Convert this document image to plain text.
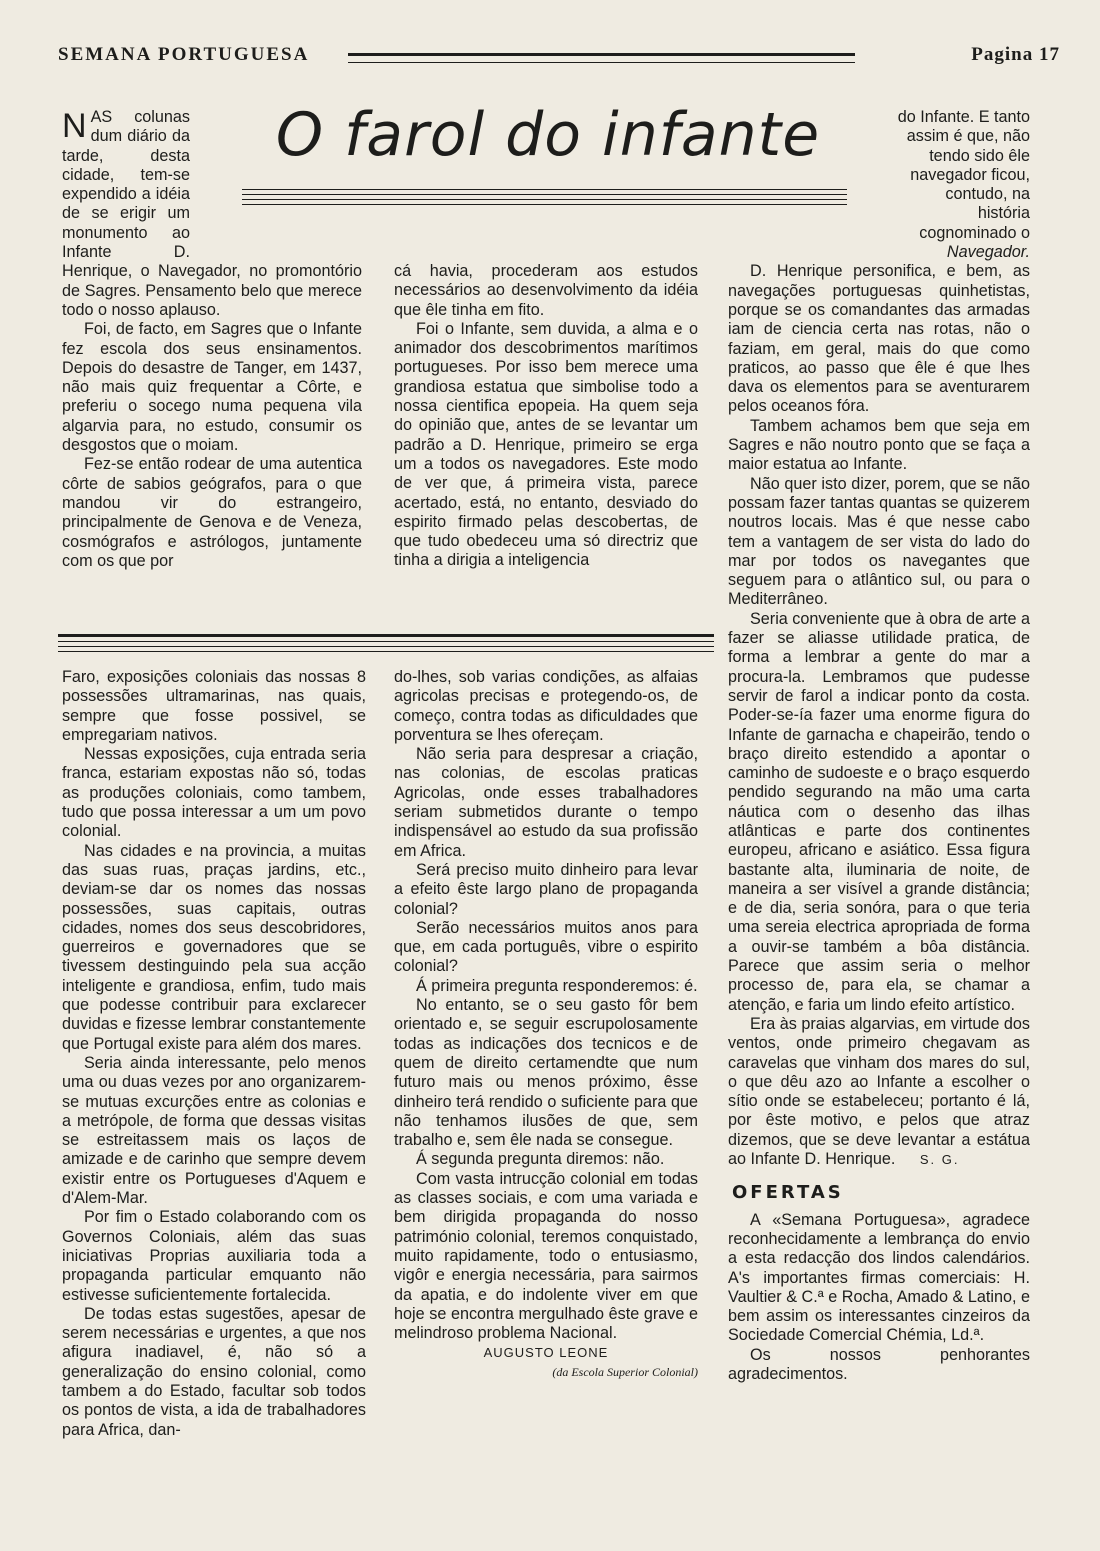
SEMANA PORTUGUESA	Pagina 17
O farol do infante

NAS colunas dum diário da tarde, desta cidade, tem-se expendido a idéia de se erigir um monumento ao Infante D. Henrique, o Navegador, no promontório de Sagres. Pensamento belo que merece todo o nosso aplauso.

Foi, de facto, em Sagres que o Infante fez escola dos seus ensinamentos. Depois do desastre de Tanger, em 1437, não mais quiz frequentar a Côrte, e preferiu o socego numa pequena vila algarvia para, no estudo, consumir os desgostos que o moiam.

Fez-se então rodear de uma autentica côrte de sabios geógrafos, para o que mandou vir do estrangeiro, principalmente de Genova e de Veneza, cosmógrafos e astrólogos, juntamente com os que por

cá havia, procederam aos estudos necessários ao desenvolvimento da idéia que êle tinha em fito.

Foi o Infante, sem duvida, a alma e o animador dos descobrimentos marítimos portugueses. Por isso bem merece uma grandiosa estatua que simbolise todo a nossa cientifica epopeia. Ha quem seja do opinião que, antes de se levantar um padrão a D. Henrique, primeiro se erga um a todos os navegadores. Este modo de ver que, á primeira vista, parece acertado, está, no entanto, desviado do espirito firmado pelas descobertas, de que tudo obedeceu uma só directriz que tinha a dirigia a inteligencia

do Infante. E tanto assim é que, não tendo sido êle navegador ficou, contudo, na história cognominado o Navegador.

D. Henrique personifica, e bem, as navegações portuguesas quinhetistas, porque se os comandantes das armadas iam de ciencia certa nas rotas, não o faziam, em geral, mais do que como praticos, ao passo que êle é que lhes dava os elementos para se aventurarem pelos oceanos fóra.

Tambem achamos bem que seja em Sagres e não noutro ponto que se faça a maior estatua ao Infante.

Não quer isto dizer, porem, que se não possam fazer tantas quantas se quizerem noutros locais. Mas é que nesse cabo tem a vantagem de ser vista do lado do mar por todos os navegantes que seguem para o atlântico sul, ou para o Mediterrâneo.

Seria conveniente que à obra de arte a fazer se aliasse utilidade pratica, de forma a lembrar a gente do mar a procura-la. Lembramos que pudesse servir de farol a indicar ponto da costa. Poder-se-ía fazer uma enorme figura do Infante de garnacha e chapeirão, tendo o braço direito estendido a apontar o caminho de sudoeste e o braço esquerdo pendido segurando na mão uma carta náutica com o desenho das ilhas atlânticas e parte dos continentes europeu, africano e asiático. Essa figura bastante alta, iluminaria de noite, de maneira a ser visível a grande distância; e de dia, seria sonóra, para o que teria uma sereia electrica apropriada de forma a ouvir-se também a bôa distância. Parece que assim seria o melhor processo de, para ela, se chamar a atenção, e faria um lindo efeito artístico.

Era às praias algarvias, em virtude dos ventos, onde primeiro chegavam as caravelas que vinham dos mares do sul, o que dêu azo ao Infante a escolher o sítio onde se estabeleceu; portanto é lá, por êste motivo, e pelos que atraz dizemos, que se deve levantar a estátua ao Infante D. Henrique. S. G.

OFERTAS

A «Semana Portuguesa», agradece reconhecidamente a lembrança do envio a esta redacção dos lindos calendários. A's importantes firmas comerciais: H. Vaultier & C.ª e Rocha, Amado & Latino, e bem assim os interessantes cinzeiros da Sociedade Comercial Chémia, Ld.ª.

Os nossos penhorantes agradecimentos.

Faro, exposições coloniais das nossas 8 possessões ultramarinas, nas quais, sempre que fosse possivel, se empregariam nativos.

Nessas exposições, cuja entrada seria franca, estariam expostas não só, todas as produções coloniais, como tambem, tudo que possa interessar a um um povo colonial.

Nas cidades e na provincia, a muitas das suas ruas, praças jardins, etc., deviam-se dar os nomes das nossas possessões, suas capitais, outras cidades, nomes dos seus descobridores, guerreiros e governadores que se tivessem destinguindo pela sua acção inteligente e grandiosa, enfim, tudo mais que podesse contribuir para exclarecer duvidas e fizesse lembrar constantemente que Portugal existe para além dos mares.

Seria ainda interessante, pelo menos uma ou duas vezes por ano organizarem-se mutuas excurções entre as colonias e a metrópole, de forma que dessas visitas se estreitassem mais os laços de amizade e de carinho que sempre devem existir entre os Portugueses d'Aquem e d'Alem-Mar.

Por fim o Estado colaborando com os Governos Coloniais, além das suas iniciativas Proprias auxiliaria toda a propaganda particular emquanto não estivesse suficientemente fortalecida.

De todas estas sugestões, apesar de serem necessárias e urgentes, a que nos afigura inadiavel, é, não só a generalização do ensino colonial, como tambem a do Estado, facultar sob todos os pontos de vista, a ida de trabalhadores para Africa, dan-

do-lhes, sob varias condições, as alfaias agricolas precisas e protegendo-os, de começo, contra todas as dificuldades que porventura se lhes ofereçam.

Não seria para despresar a criação, nas colonias, de escolas praticas Agricolas, onde esses trabalhadores seriam submetidos durante o tempo indispensável ao estudo da sua profissão em Africa.

Será preciso muito dinheiro para levar a efeito êste largo plano de propaganda colonial?

Serão necessários muitos anos para que, em cada português, vibre o espirito colonial?

Á primeira pregunta responderemos: é.

No entanto, se o seu gasto fôr bem orientado e, se seguir escrupolosamente todas as indicações dos tecnicos e de quem de direito certamendte que num futuro mais ou menos próximo, êsse dinheiro terá rendido o suficiente para que não tenhamos ilusões de que, sem trabalho e, sem êle nada se consegue.

Á segunda pregunta diremos: não.

Com vasta intrucção colonial em todas as classes sociais, e com uma variada e bem dirigida propaganda do nosso património colonial, teremos conquistado, muito rapidamente, todo o entusiasmo, vigôr e energia necessária, para sairmos da apatia, e do indolente viver em que hoje se encontra mergulhado êste grave e melindroso problema Nacional.

AUGUSTO LEONE

(da Escola Superior Colonial)
